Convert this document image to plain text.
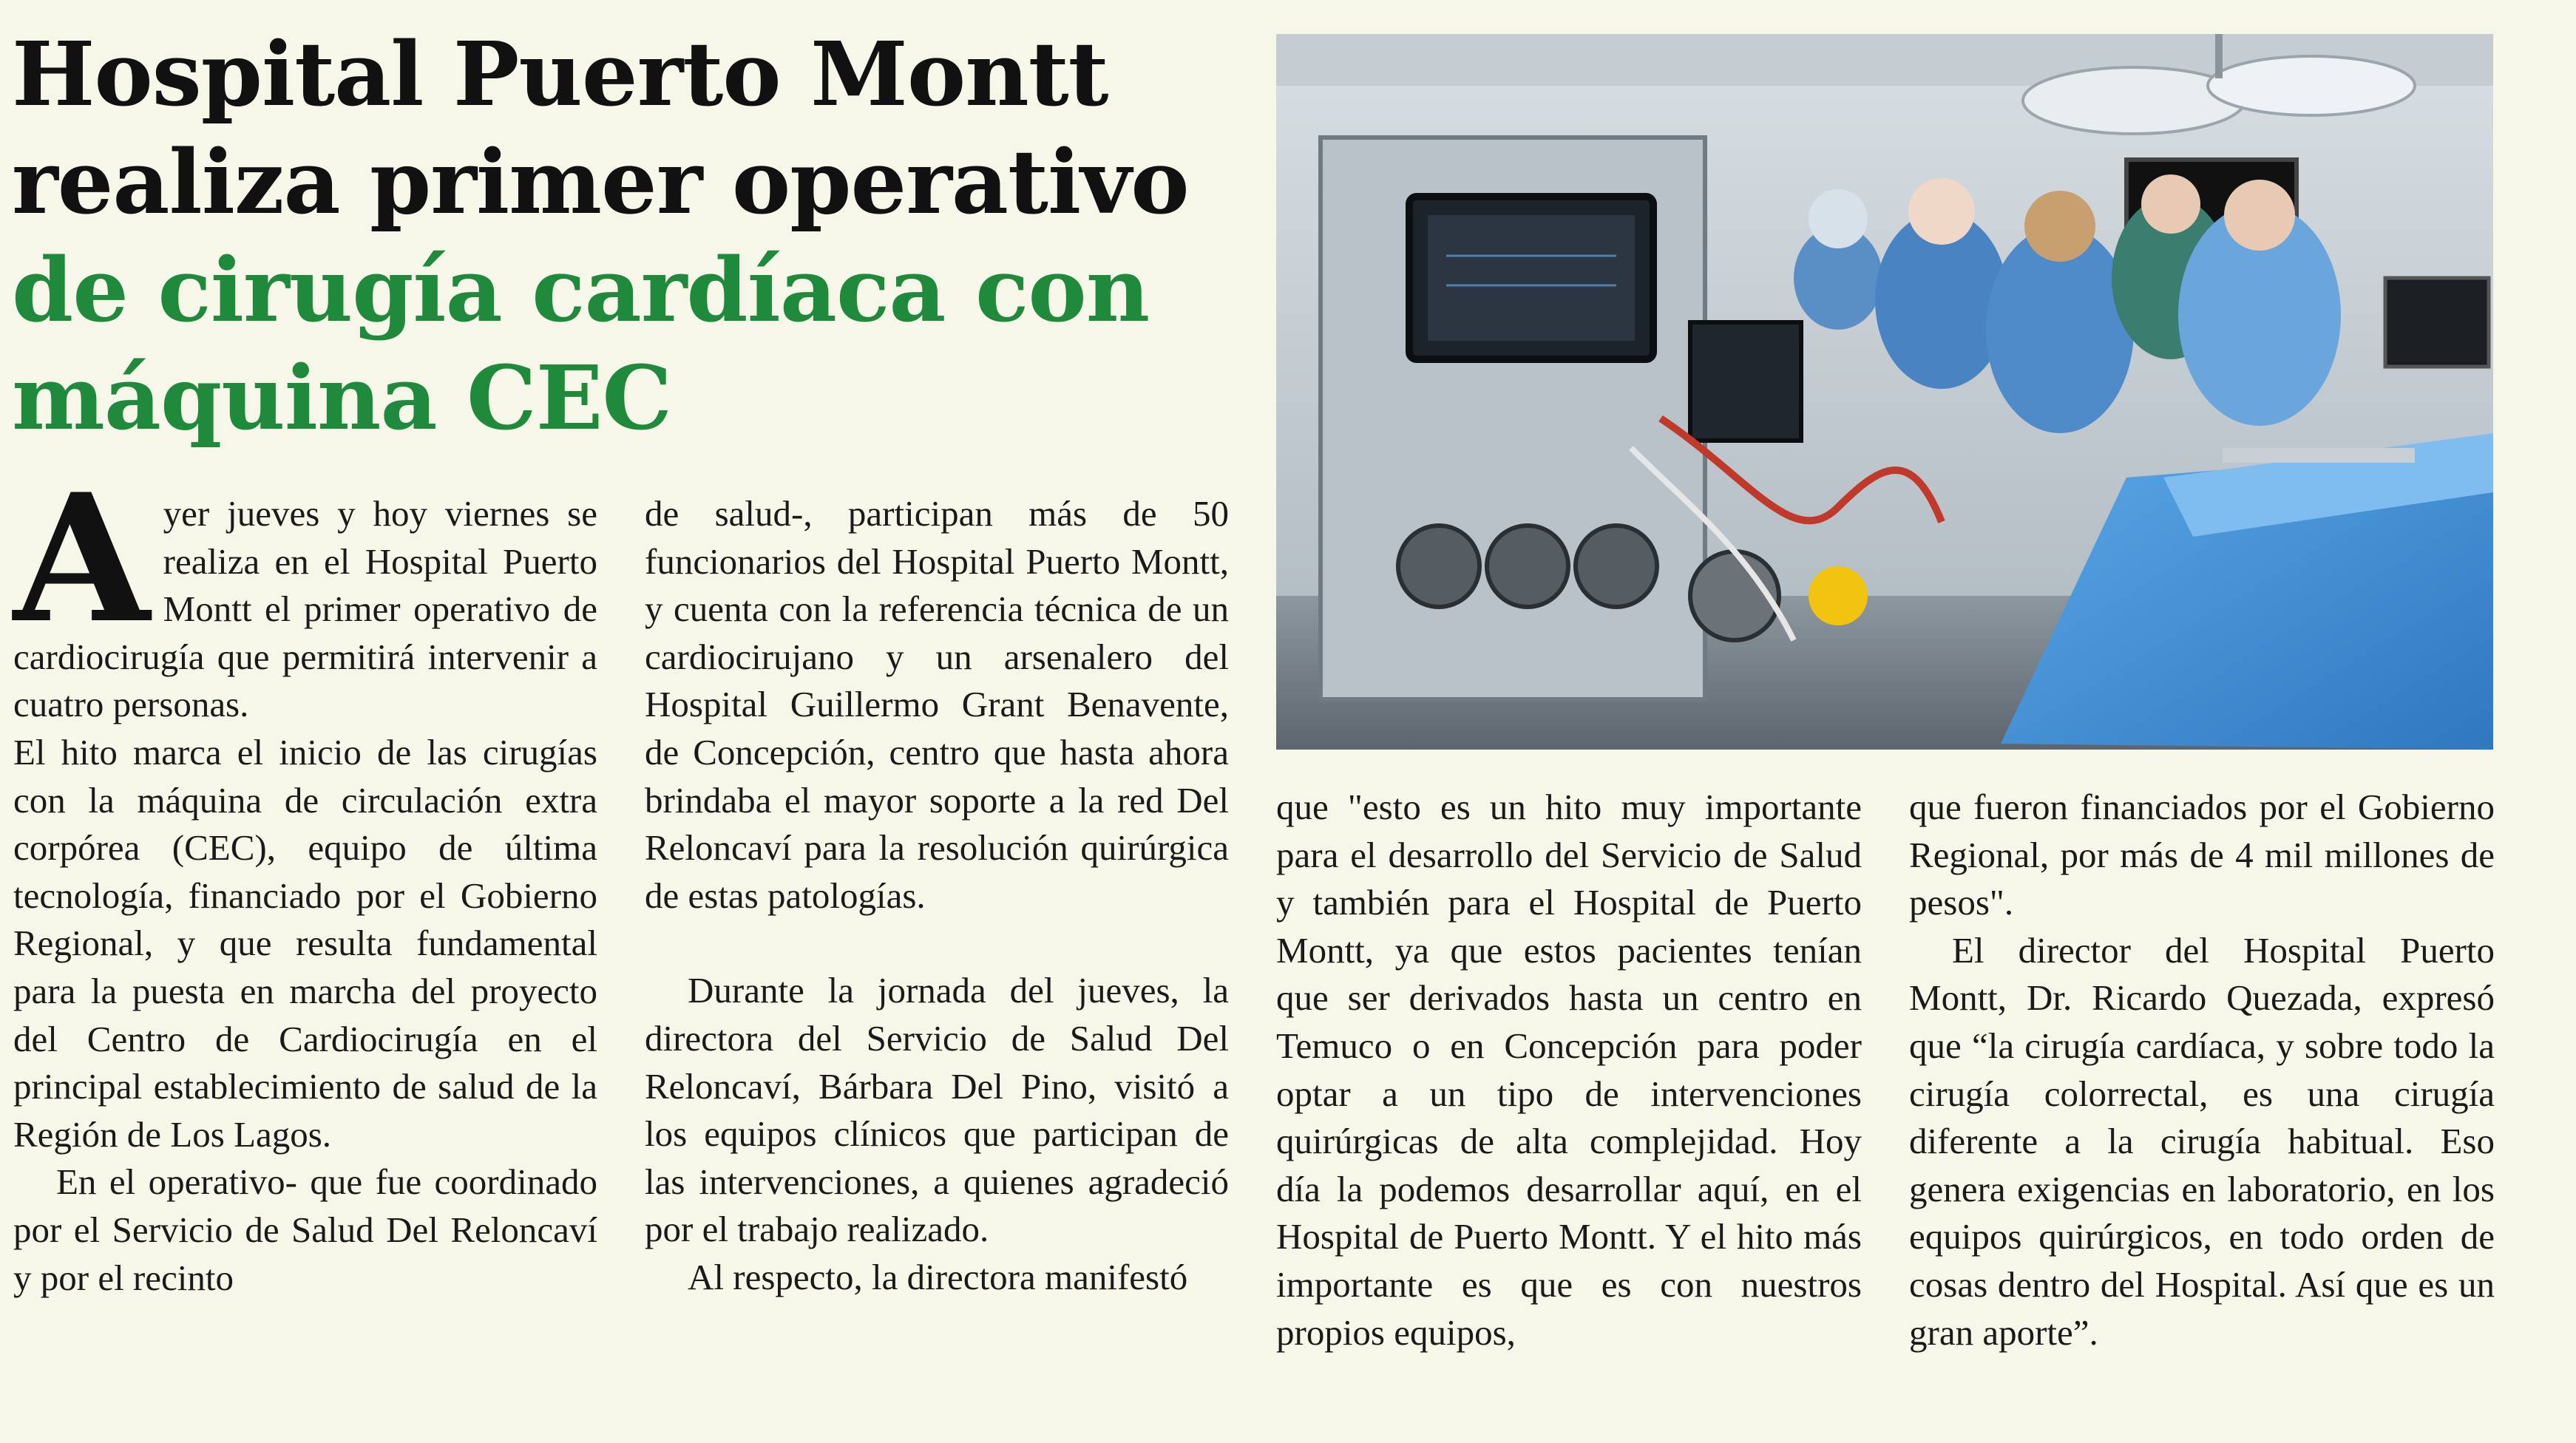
Hospital Puerto Montt
realiza primer operativo
de cirugía cardíaca con
máquina CEC

Ayer jueves y hoy viernes se realiza en el Hospital Puerto Montt el primer operativo de cardiocirugía que permitirá intervenir a cuatro personas.

El hito marca el inicio de las cirugías con la máquina de circulación extra corpórea (CEC), equipo de última tecnología, financiado por el Gobierno Regional, y que resulta fundamental para la puesta en marcha del proyecto del Centro de Cardiocirugía en el principal establecimiento de salud de la Región de Los Lagos.

En el operativo- que fue coordinado por el Servicio de Salud Del Reloncaví y por el recinto

de salud-, participan más de 50 funcionarios del Hospital Puerto Montt, y cuenta con la referencia técnica de un cardiocirujano y un arsenalero del Hospital Guillermo Grant Benavente, de Concepción, centro que hasta ahora brindaba el mayor soporte a la red Del Reloncaví para la resolución quirúrgica de estas patologías.

Durante la jornada del jueves, la directora del Servicio de Salud Del Reloncaví, Bárbara Del Pino, visitó a los equipos clínicos que participan de las intervenciones, a quienes agradeció por el trabajo realizado.

Al respecto, la directora manifestó

que "esto es un hito muy importante para el desarrollo del Servicio de Salud y también para el Hospital de Puerto Montt, ya que estos pacientes tenían que ser derivados hasta un centro en Temuco o en Concepción para poder optar a un tipo de intervenciones quirúrgicas de alta complejidad. Hoy día la podemos desarrollar aquí, en el Hospital de Puerto Montt. Y el hito más importante es que es con nuestros propios equipos,

que fueron financiados por el Gobierno Regional, por más de 4 mil millones de pesos".

El director del Hospital Puerto Montt, Dr. Ricardo Quezada, expresó que “la cirugía cardíaca, y sobre todo la cirugía colorrectal, es una cirugía diferente a la cirugía habitual. Eso genera exigencias en laboratorio, en los equipos quirúrgicos, en todo orden de cosas dentro del Hospital. Así que es un gran aporte”.
